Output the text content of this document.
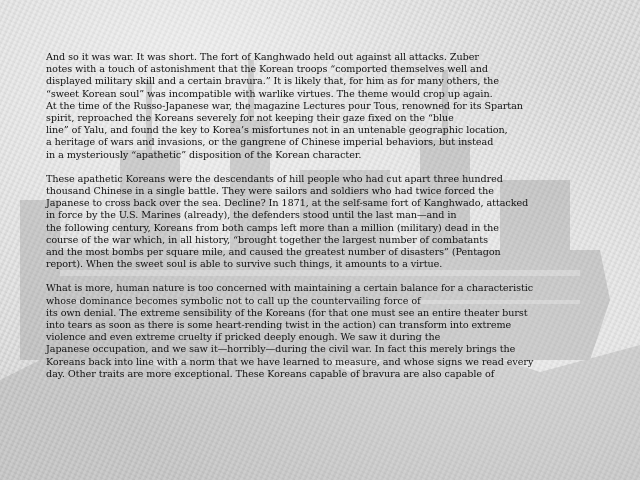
And so it was war. It was short. The fort of Kanghwado held out against all attacks. Zuber
notes with a touch of astonishment that the Korean troops “comported themselves well and
displayed military skill and a certain bravura.” It is likely that, for him as for many others, the
“sweet Korean soul” was incompatible with warlike virtues. The theme would crop up again.
At the time of the Russo-Japanese war, the magazine Lectures pour Tous, renowned for its Spartan
spirit, reproached the Koreans severely for not keeping their gaze fixed on the “blue
line” of Yalu, and found the key to Korea’s misfortunes not in an untenable geographic location,
a heritage of wars and invasions, or the gangrene of Chinese imperial behaviors, but instead
in a mysteriously “apathetic” disposition of the Korean character.

These apathetic Koreans were the descendants of hill people who had cut apart three hundred
thousand Chinese in a single battle. They were sailors and soldiers who had twice forced the
Japanese to cross back over the sea. Decline? In 1871, at the self-same fort of Kanghwado, attacked
in force by the U.S. Marines (already), the defenders stood until the last man—and in
the following century, Koreans from both camps left more than a million (military) dead in the
course of the war which, in all history, “brought together the largest number of combatants
and the most bombs per square mile, and caused the greatest number of disasters” (Pentagon
report). When the sweet soul is able to survive such things, it amounts to a virtue.

What is more, human nature is too concerned with maintaining a certain balance for a characteristic
whose dominance becomes symbolic not to call up the countervailing force of
its own denial. The extreme sensibility of the Koreans (for that one must see an entire theater burst
into tears as soon as there is some heart-rending twist in the action) can transform into extreme
violence and even extreme cruelty if pricked deeply enough. We saw it during the
Japanese occupation, and we saw it—horribly—during the civil war. In fact this merely brings the
Koreans back into line with a norm that we have learned to measure, and whose signs we read every
day. Other traits are more exceptional. These Koreans capable of bravura are also capable of
